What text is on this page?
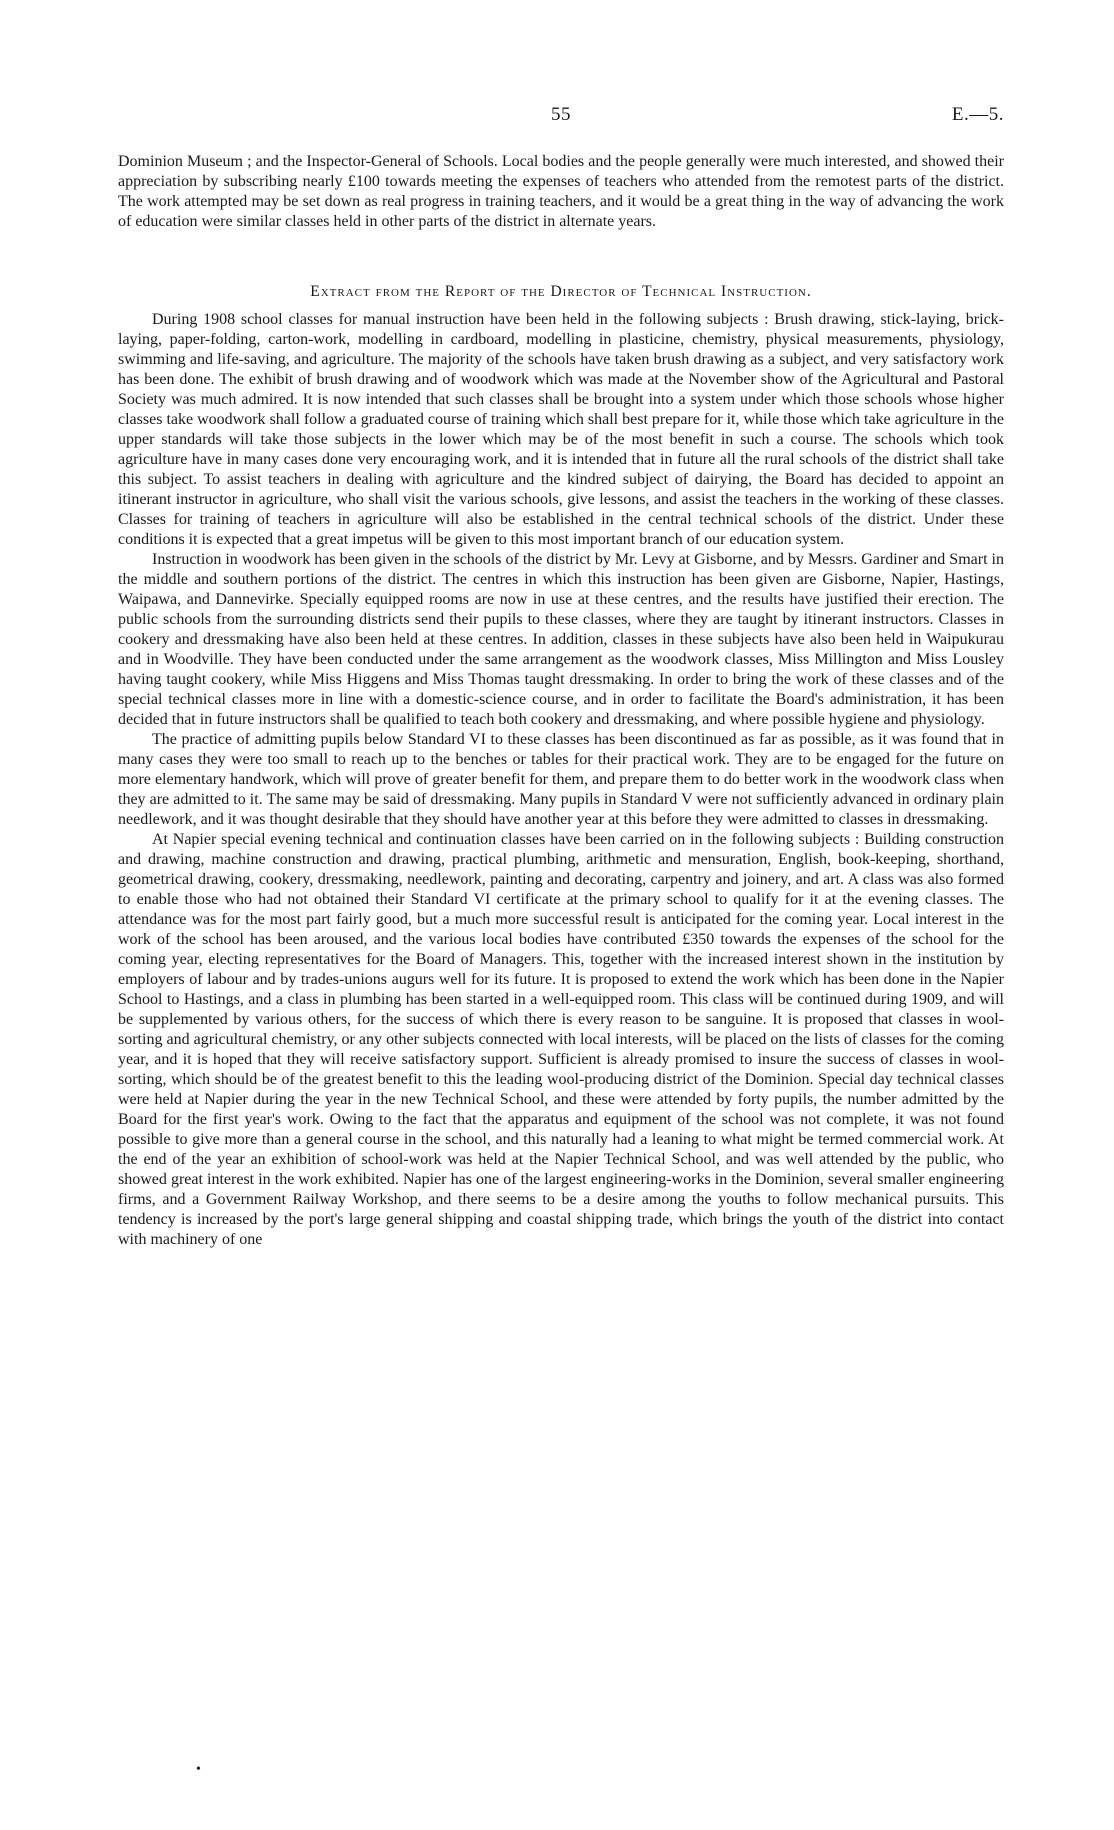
55	E.—5.

Dominion Museum ; and the Inspector-General of Schools. Local bodies and the people generally were much interested, and showed their appreciation by subscribing nearly £100 towards meeting the expenses of teachers who attended from the remotest parts of the district. The work attempted may be set down as real progress in training teachers, and it would be a great thing in the way of advancing the work of education were similar classes held in other parts of the district in alternate years.

Extract from the Report of the Director of Technical Instruction.

During 1908 school classes for manual instruction have been held in the following subjects : Brush drawing, stick-laying, brick-laying, paper-folding, carton-work, modelling in cardboard, modelling in plasticine, chemistry, physical measurements, physiology, swimming and life-saving, and agriculture. The majority of the schools have taken brush drawing as a subject, and very satisfactory work has been done. The exhibit of brush drawing and of woodwork which was made at the November show of the Agricultural and Pastoral Society was much admired. It is now intended that such classes shall be brought into a system under which those schools whose higher classes take woodwork shall follow a graduated course of training which shall best prepare for it, while those which take agriculture in the upper standards will take those subjects in the lower which may be of the most benefit in such a course. The schools which took agriculture have in many cases done very encouraging work, and it is intended that in future all the rural schools of the district shall take this subject. To assist teachers in dealing with agriculture and the kindred subject of dairying, the Board has decided to appoint an itinerant instructor in agriculture, who shall visit the various schools, give lessons, and assist the teachers in the working of these classes. Classes for training of teachers in agriculture will also be established in the central technical schools of the district. Under these conditions it is expected that a great impetus will be given to this most important branch of our education system.

Instruction in woodwork has been given in the schools of the district by Mr. Levy at Gisborne, and by Messrs. Gardiner and Smart in the middle and southern portions of the district. The centres in which this instruction has been given are Gisborne, Napier, Hastings, Waipawa, and Dannevirke. Specially equipped rooms are now in use at these centres, and the results have justified their erection. The public schools from the surrounding districts send their pupils to these classes, where they are taught by itinerant instructors. Classes in cookery and dressmaking have also been held at these centres. In addition, classes in these subjects have also been held in Waipukurau and in Woodville. They have been conducted under the same arrangement as the woodwork classes, Miss Millington and Miss Lousley having taught cookery, while Miss Higgens and Miss Thomas taught dressmaking. In order to bring the work of these classes and of the special technical classes more in line with a domestic-science course, and in order to facilitate the Board's administration, it has been decided that in future instructors shall be qualified to teach both cookery and dressmaking, and where possible hygiene and physiology.

The practice of admitting pupils below Standard VI to these classes has been discontinued as far as possible, as it was found that in many cases they were too small to reach up to the benches or tables for their practical work. They are to be engaged for the future on more elementary handwork, which will prove of greater benefit for them, and prepare them to do better work in the woodwork class when they are admitted to it. The same may be said of dressmaking. Many pupils in Standard V were not sufficiently advanced in ordinary plain needlework, and it was thought desirable that they should have another year at this before they were admitted to classes in dressmaking.

At Napier special evening technical and continuation classes have been carried on in the following subjects : Building construction and drawing, machine construction and drawing, practical plumbing, arithmetic and mensuration, English, book-keeping, shorthand, geometrical drawing, cookery, dressmaking, needlework, painting and decorating, carpentry and joinery, and art. A class was also formed to enable those who had not obtained their Standard VI certificate at the primary school to qualify for it at the evening classes. The attendance was for the most part fairly good, but a much more successful result is anticipated for the coming year. Local interest in the work of the school has been aroused, and the various local bodies have contributed £350 towards the expenses of the school for the coming year, electing representatives for the Board of Managers. This, together with the increased interest shown in the institution by employers of labour and by trades-unions augurs well for its future. It is proposed to extend the work which has been done in the Napier School to Hastings, and a class in plumbing has been started in a well-equipped room. This class will be continued during 1909, and will be supplemented by various others, for the success of which there is every reason to be sanguine. It is proposed that classes in wool-sorting and agricultural chemistry, or any other subjects connected with local interests, will be placed on the lists of classes for the coming year, and it is hoped that they will receive satisfactory support. Sufficient is already promised to insure the success of classes in wool-sorting, which should be of the greatest benefit to this the leading wool-producing district of the Dominion. Special day technical classes were held at Napier during the year in the new Technical School, and these were attended by forty pupils, the number admitted by the Board for the first year's work. Owing to the fact that the apparatus and equipment of the school was not complete, it was not found possible to give more than a general course in the school, and this naturally had a leaning to what might be termed commercial work. At the end of the year an exhibition of school-work was held at the Napier Technical School, and was well attended by the public, who showed great interest in the work exhibited. Napier has one of the largest engineering-works in the Dominion, several smaller engineering firms, and a Government Railway Workshop, and there seems to be a desire among the youths to follow mechanical pursuits. This tendency is increased by the port's large general shipping and coastal shipping trade, which brings the youth of the district into contact with machinery of one

•
